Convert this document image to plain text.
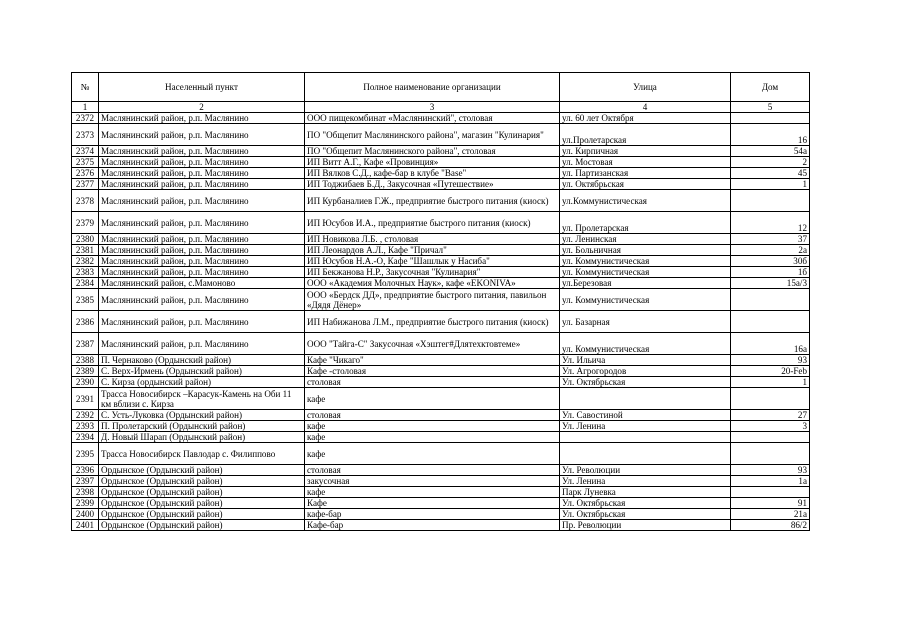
№	Населенный пункт	Полное наименование организации	Улица	Дом
1	2	3	4	5
2372	Маслянинский район, р.п. Маслянино	ООО пищекомбинат «Маслянинский", столовая	ул. 60 лет Октября	
2373	Маслянинский район, р.п. Маслянино	ПО "Общепит Маслянинского района", магазин "Кулинария"	ул.Пролетарская	16
2374	Маслянинский район, р.п. Маслянино	ПО "Общепит Маслянинского района", столовая	ул. Кирпичная	54а
2375	Маслянинский район, р.п. Маслянино	ИП Витт А.Г., Кафе «Провинция»	ул. Мостовая	2
2376	Маслянинский район, р.п. Маслянино	ИП Вялков С.Д., кафе-бар в клубе "Base"	ул. Партизанская	45
2377	Маслянинский район, р.п. Маслянино	ИП Тоджибаев Б.Д., Закусочная «Путешествие»	ул. Октябрьская	1
2378	Маслянинский район, р.п. Маслянино	ИП Курбаналиев Г.Ж., предприятие быстрого питания (киоск)	ул.Коммунистическая	
2379	Маслянинский район, р.п. Маслянино	ИП Юсубов И.А., предприятие быстрого питания (киоск)	ул. Пролетарская	12
2380	Маслянинский район, р.п. Маслянино	ИП Новикова Л.Б. , столовая	ул. Ленинская	37
2381	Маслянинский район, р.п. Маслянино	ИП Леонардов А.Л., Кафе "Причал"	ул. Больничная	2а
2382	Маслянинский район, р.п. Маслянино	ИП Юсубов Н.А.-О, Кафе "Шашлык у Насиба"	ул. Коммунистическая	30б
2383	Маслянинский район, р.п. Маслянино	ИП Бекжанова Н.Р., Закусочная "Кулинария"	ул. Коммунистическая	1б
2384	Маслянинский район, с.Мамоново	ООО «Академия Молочных Наук», кафе «EKONIVA»	ул.Березовая	15а/3
2385	Маслянинский район, р.п. Маслянино	ООО «Бердск ДД», предприятие быстрого питания, павильон «Дядя Дёнер»	ул. Коммунистическая	
2386	Маслянинский район, р.п. Маслянино	ИП Набижанова Л.М., предприятие быстрого питания (киоск)	ул. Базарная	
2387	Маслянинский район, р.п. Маслянино	ООО "Тайга-С" Закусочная «Хэштег#Длятехктовтеме»	ул. Коммунистическая	16а
2388	П. Чернаково (Ордынский район)	Кафе "Чикаго"	Ул. Ильича	93
2389	С. Верх-Ирмень (Ордынский район)	Кафе -столовая	Ул. Агрогородов	20-Feb
2390	С. Кирза (ордынский район)	столовая	Ул. Октябрьская	1
2391	Трасса Новосибирск –Карасук-Камень на Оби 11 км вблизи с. Кирза	кафе		
2392	С. Усть-Луковка (Ордынский район)	столовая	Ул. Савостиной	27
2393	П. Пролетарский (Ордынский район)	кафе	Ул. Ленина	3
2394	Д. Новый Шарап (Ордынский район)	кафе		
2395	Трасса Новосибирск Павлодар с. Филиппово	кафе		
2396	Ордынское (Ордынский район)	столовая	Ул. Революции	93
2397	Ордынское (Ордынский район)	закусочная	Ул. Ленина	1а
2398	Ордынское (Ордынский район)	кафе	Парк Луневка	
2399	Ордынское (Ордынский район)	Кафе	Ул. Октябрьская	91
2400	Ордынское (Ордынский район)	кафе-бар	Ул. Октябрьская	21а
2401	Ордынское (Ордынский район)	Кафе-бар	Пр. Революции	86/2
